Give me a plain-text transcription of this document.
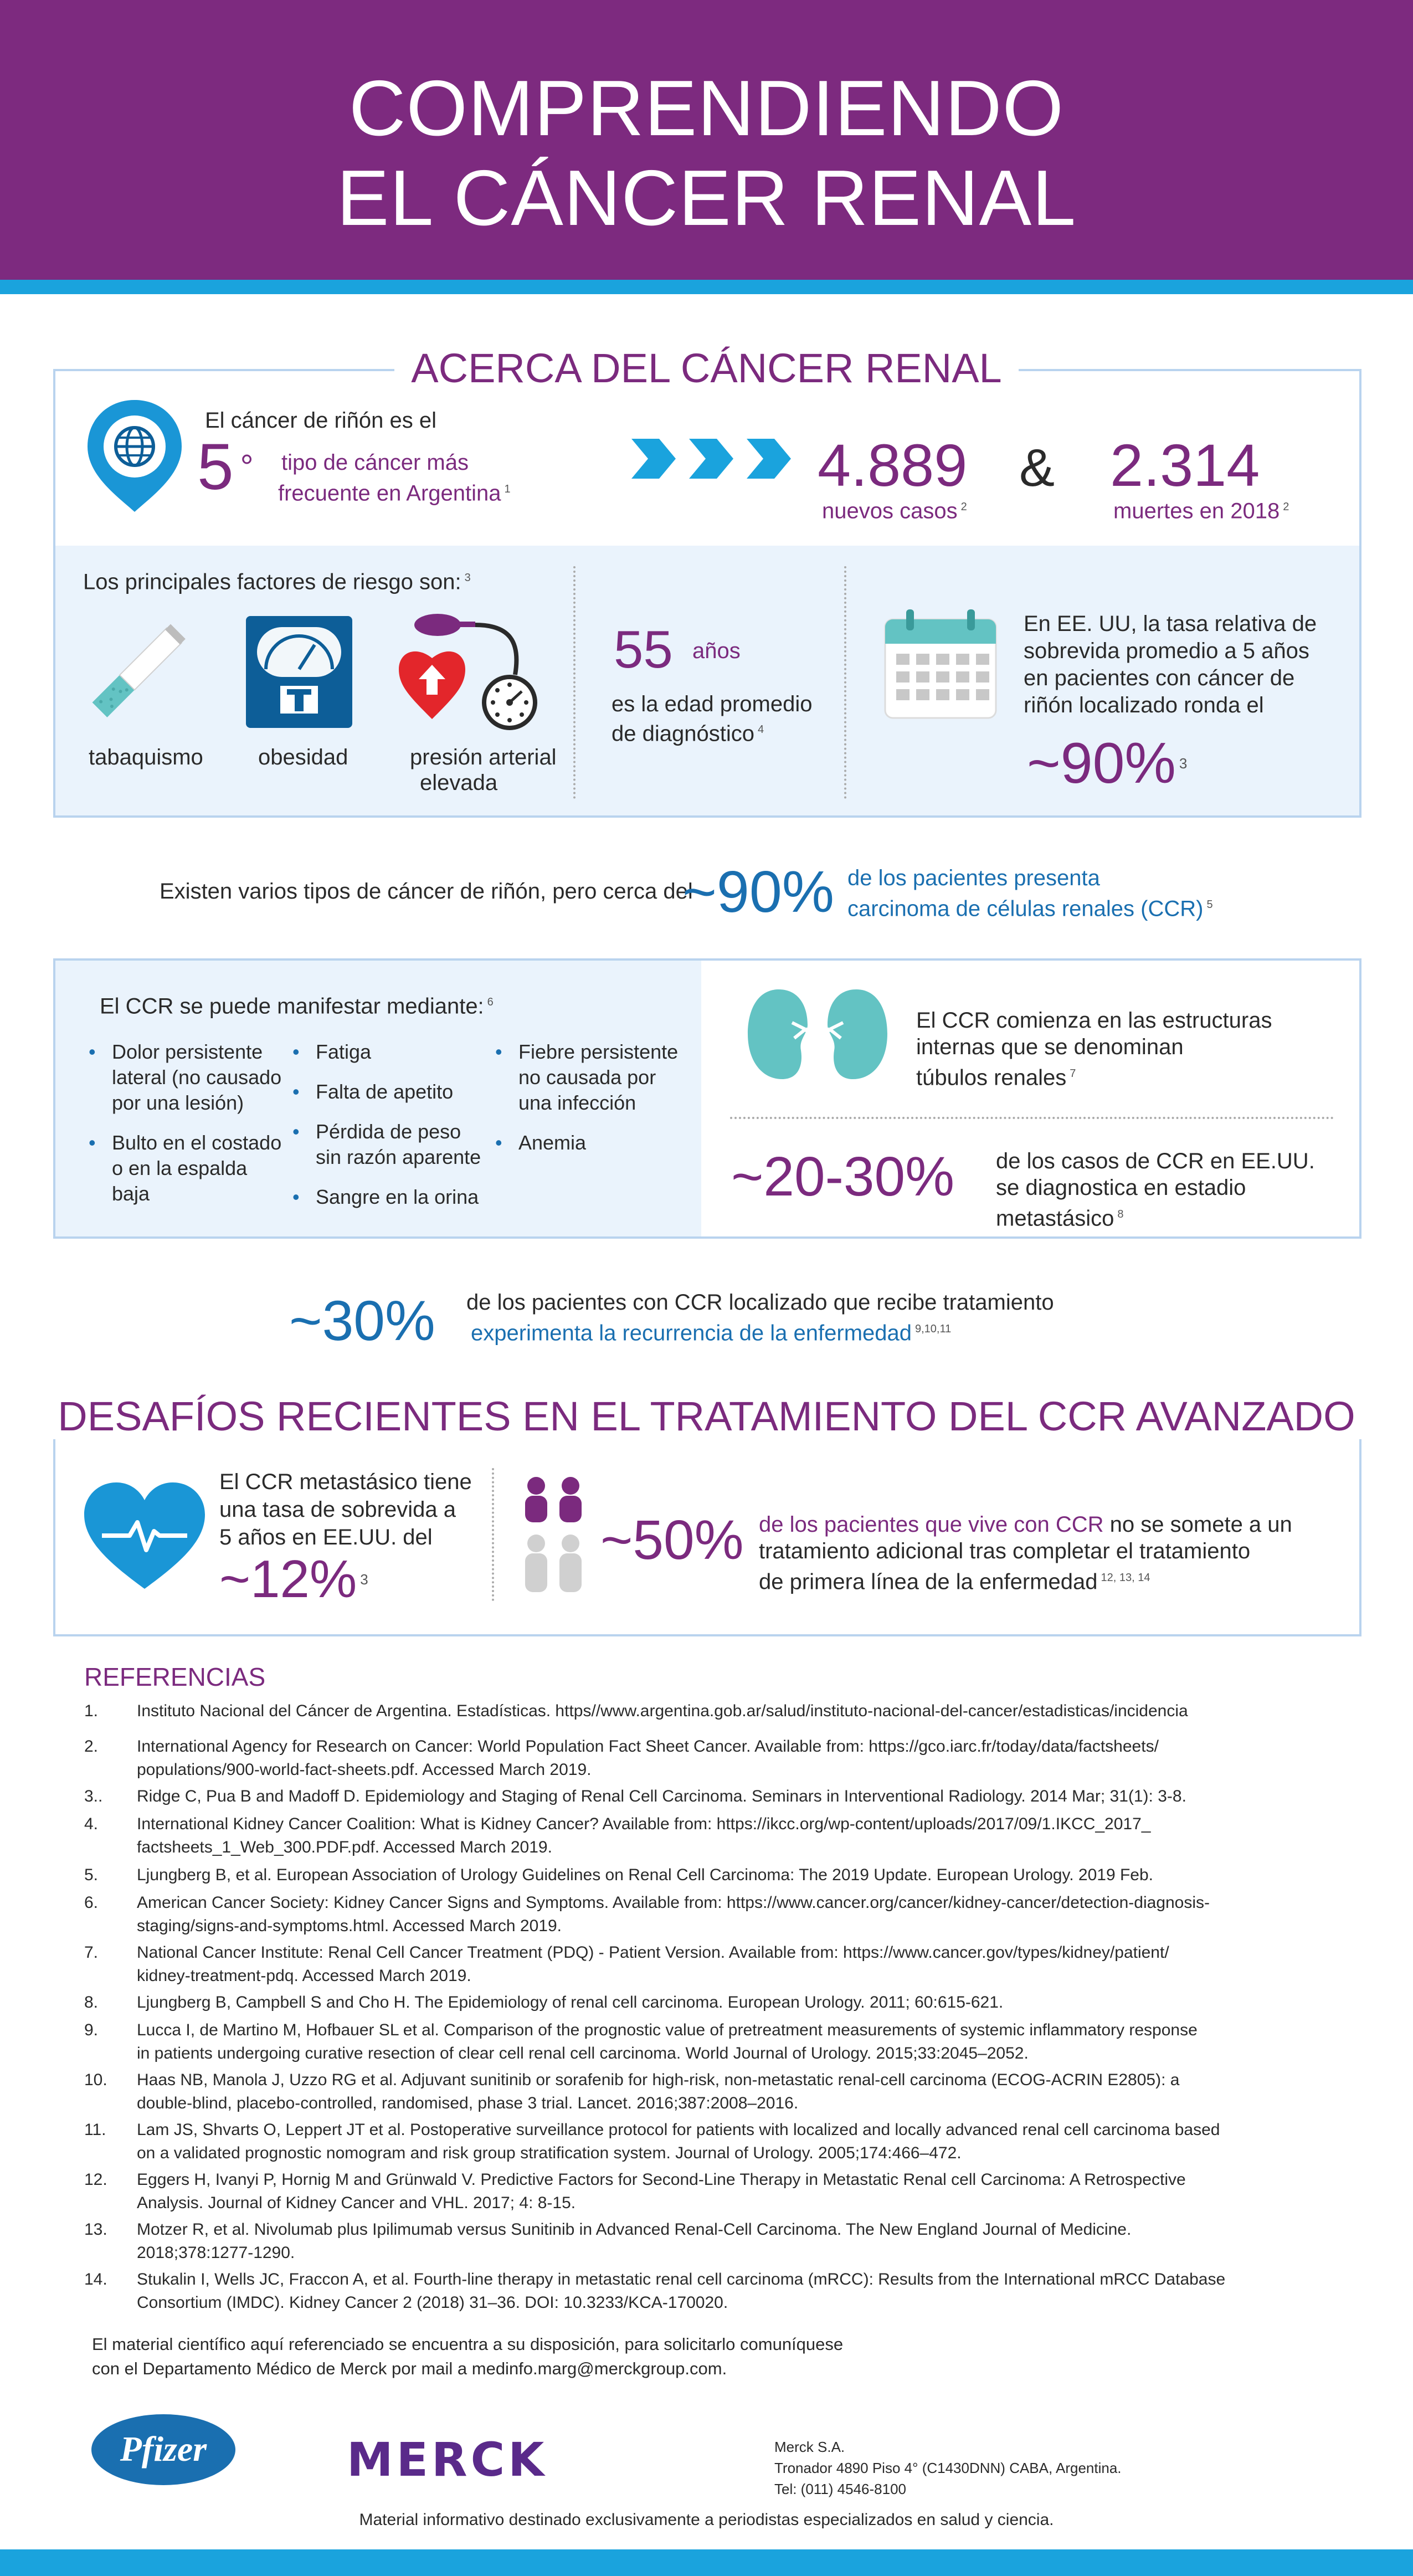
COMPRENDIENDO
EL CÁNCER RENAL
ACERCA DEL CÁNCER RENAL
El cáncer de riñón es el
5 ° tipo de cáncer más
frecuente en Argentina $^1$	4.889
nuevos casos $^2$
& 2.314
muertes en 2018 $^2$
Los principales factores de riesgo son: $^3$
tabaquismo obesidad	presión arterial
elevada
55 años
es la edad promedio
de diagnóstico $^4$
En EE. UU, la tasa relativa de
sobrevida promedio a 5 años
en pacientes con cáncer de
riñón localizado ronda el
~90% $^3$
Existen varios tipos de cáncer de riñón, pero cerca del
~90% de los pacientes presenta
carcinoma de células renales (CCR) $^5$
El CCR se puede manifestar mediante: $^6$
• Dolor persistente lateral (no causado por una lesión)
• Bulto en el costado o en la espalda baja
• Fatiga
• Falta de apetito
• Pérdida de peso sin razón aparente
• Sangre en la orina
• Fiebre persistente no causada por una infección
• Anemia
El CCR comienza en las estructuras
internas que se denominan
túbulos renales $^7$
~20-30% de los casos de CCR en EE.UU.
se diagnostica en estadio
metastásico $^8$
~30% de los pacientes con CCR localizado que recibe tratamiento
experimenta la recurrencia de la enfermedad $^{9,10,11}$
DESAFÍOS RECIENTES EN EL TRATAMIENTO DEL CCR AVANZADO
El CCR metastásico tiene
una tasa de sobrevida a
5 años en EE.UU. del
~12% $^3$
~50% de los pacientes que vive con CCR no se somete a un
tratamiento adicional tras completar el tratamiento
de primera línea de la enfermedad $^{12, 13, 14}$
REFERENCIAS
1. Instituto Nacional del Cáncer de Argentina. Estadísticas. https//www.argentina.gob.ar/salud/instituto-nacional-del-cancer/estadisticas/incidencia
2. International Agency for Research on Cancer: World Population Fact Sheet Cancer. Available from: https://gco.iarc.fr/today/data/factsheets/
populations/900-world-fact-sheets.pdf. Accessed March 2019.
3.. Ridge C, Pua B and Madoff D. Epidemiology and Staging of Renal Cell Carcinoma. Seminars in Interventional Radiology. 2014 Mar; 31(1): 3-8.
4. International Kidney Cancer Coalition: What is Kidney Cancer? Available from: https://ikcc.org/wp-content/uploads/2017/09/1.IKCC_2017_
factsheets_1_Web_300.PDF.pdf. Accessed March 2019.
5. Ljungberg B, et al. European Association of Urology Guidelines on Renal Cell Carcinoma: The 2019 Update. European Urology. 2019 Feb.
6. American Cancer Society: Kidney Cancer Signs and Symptoms. Available from: https://www.cancer.org/cancer/kidney-cancer/detection-diagnosis-
staging/signs-and-symptoms.html. Accessed March 2019.
7. National Cancer Institute: Renal Cell Cancer Treatment (PDQ) - Patient Version. Available from: https://www.cancer.gov/types/kidney/patient/
kidney-treatment-pdq. Accessed March 2019.
8. Ljungberg B, Campbell S and Cho H. The Epidemiology of renal cell carcinoma. European Urology. 2011; 60:615-621.
9. Lucca I, de Martino M, Hofbauer SL et al. Comparison of the prognostic value of pretreatment measurements of systemic inflammatory response
in patients undergoing curative resection of clear cell renal cell carcinoma. World Journal of Urology. 2015;33:2045–2052.
10. Haas NB, Manola J, Uzzo RG et al. Adjuvant sunitinib or sorafenib for high-risk, non-metastatic renal-cell carcinoma (ECOG-ACRIN E2805): a
double-blind, placebo-controlled, randomised, phase 3 trial. Lancet. 2016;387:2008–2016.
11. Lam JS, Shvarts O, Leppert JT et al. Postoperative surveillance protocol for patients with localized and locally advanced renal cell carcinoma based
on a validated prognostic nomogram and risk group stratification system. Journal of Urology. 2005;174:466–472.
12. Eggers H, Ivanyi P, Hornig M and Grünwald V. Predictive Factors for Second-Line Therapy in Metastatic Renal cell Carcinoma: A Retrospective
Analysis. Journal of Kidney Cancer and VHL. 2017; 4: 8-15.
13. Motzer R, et al. Nivolumab plus Ipilimumab versus Sunitinib in Advanced Renal-Cell Carcinoma. The New England Journal of Medicine.
2018;378:1277-1290.
14. Stukalin I, Wells JC, Fraccon A, et al. Fourth-line therapy in metastatic renal cell carcinoma (mRCC): Results from the International mRCC Database
Consortium (IMDC). Kidney Cancer 2 (2018) 31–36. DOI: 10.3233/KCA-170020.
El material científico aquí referenciado se encuentra a su disposición, para solicitarlo comuníquese
con el Departamento Médico de Merck por mail a medinfo.marg@merckgroup.com.
Pfizer	MERCK	Merck S.A.
Tronador 4890 Piso 4° (C1430DNN) CABA, Argentina.
Tel: (011) 4546-8100
Material informativo destinado exclusivamente a periodistas especializados en salud y ciencia.
